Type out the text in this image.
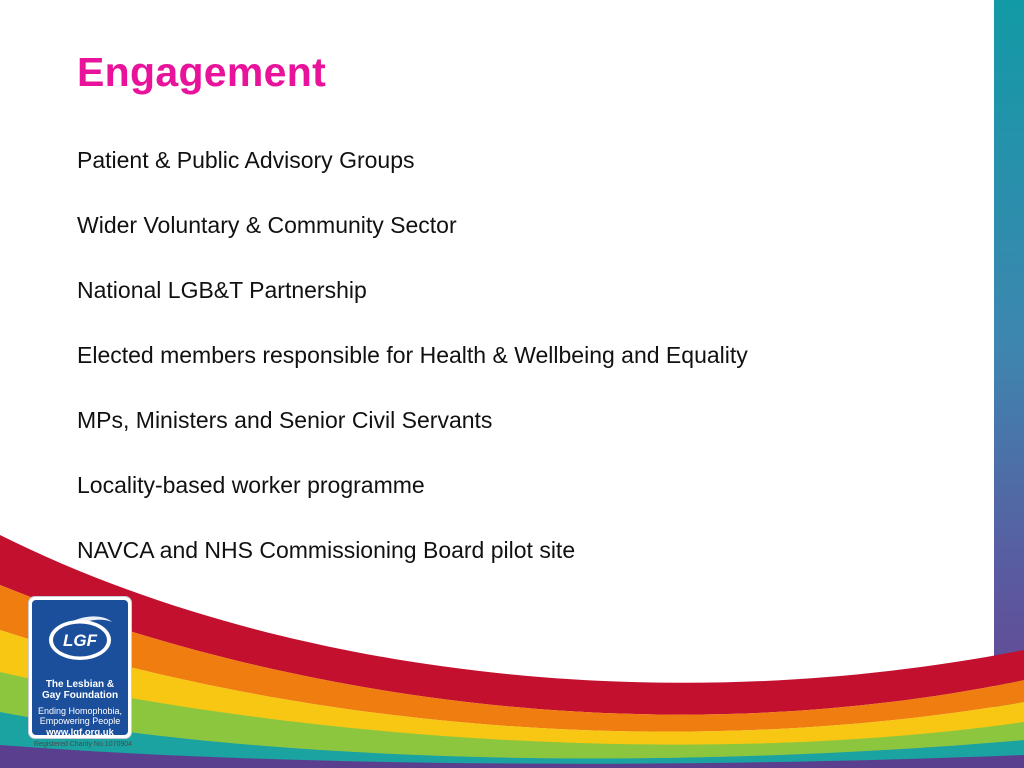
Engagement
Patient & Public Advisory Groups
Wider Voluntary & Community Sector
National LGB&T Partnership
Elected members responsible for Health & Wellbeing and Equality
MPs, Ministers and Senior Civil Servants
Locality-based worker programme
NAVCA and NHS Commissioning Board pilot site
LGF

The Lesbian &
Gay Foundation

Ending Homophobia,
Empowering People

www.lgf.org.uk

Registered Charity No.1070904
